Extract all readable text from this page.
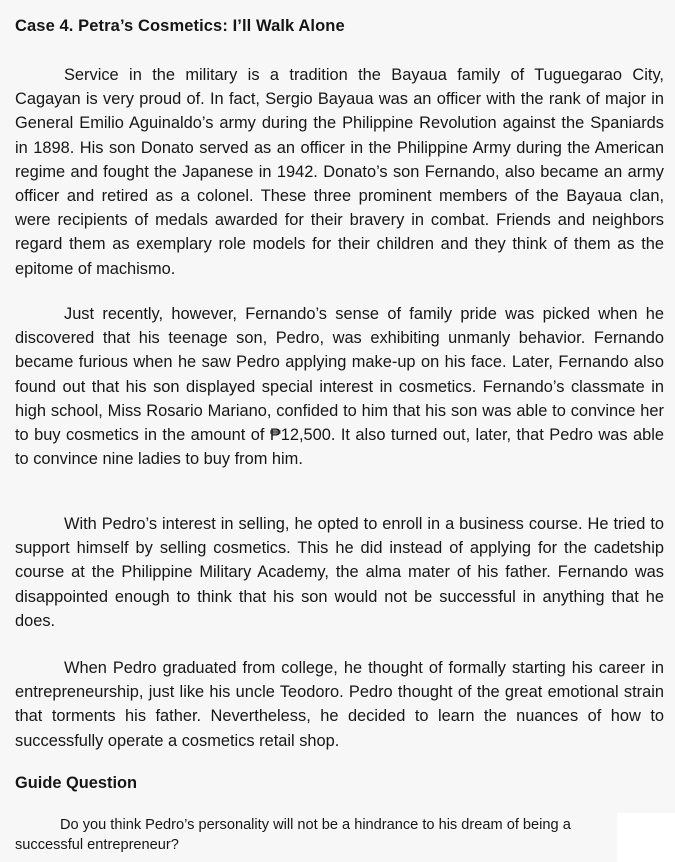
Case 4. Petra’s Cosmetics: I’ll Walk Alone

Service in the military is a tradition the Bayaua family of Tuguegarao City, Cagayan is very proud of. In fact, Sergio Bayaua was an officer with the rank of major in General Emilio Aguinaldo’s army during the Philippine Revolution against the Spaniards in 1898. His son Donato served as an officer in the Philippine Army during the American regime and fought the Japanese in 1942. Donato’s son Fernando, also became an army officer and retired as a colonel. These three prominent members of the Bayaua clan, were recipients of medals awarded for their bravery in combat. Friends and neighbors regard them as exemplary role models for their children and they think of them as the epitome of machismo.

Just recently, however, Fernando’s sense of family pride was picked when he discovered that his teenage son, Pedro, was exhibiting unmanly behavior. Fernando became furious when he saw Pedro applying make-up on his face. Later, Fernando also found out that his son displayed special interest in cosmetics. Fernando’s classmate in high school, Miss Rosario Mariano, confided to him that his son was able to convince her to buy cosmetics in the amount of ₱12,500. It also turned out, later, that Pedro was able to convince nine ladies to buy from him.

With Pedro’s interest in selling, he opted to enroll in a business course. He tried to support himself by selling cosmetics. This he did instead of applying for the cadetship course at the Philippine Military Academy, the alma mater of his father. Fernando was disappointed enough to think that his son would not be successful in anything that he does.

When Pedro graduated from college, he thought of formally starting his career in entrepreneurship, just like his uncle Teodoro. Pedro thought of the great emotional strain that torments his father. Nevertheless, he decided to learn the nuances of how to successfully operate a cosmetics retail shop.

Guide Question

Do you think Pedro’s personality will not be a hindrance to his dream of being a successful entrepreneur?
